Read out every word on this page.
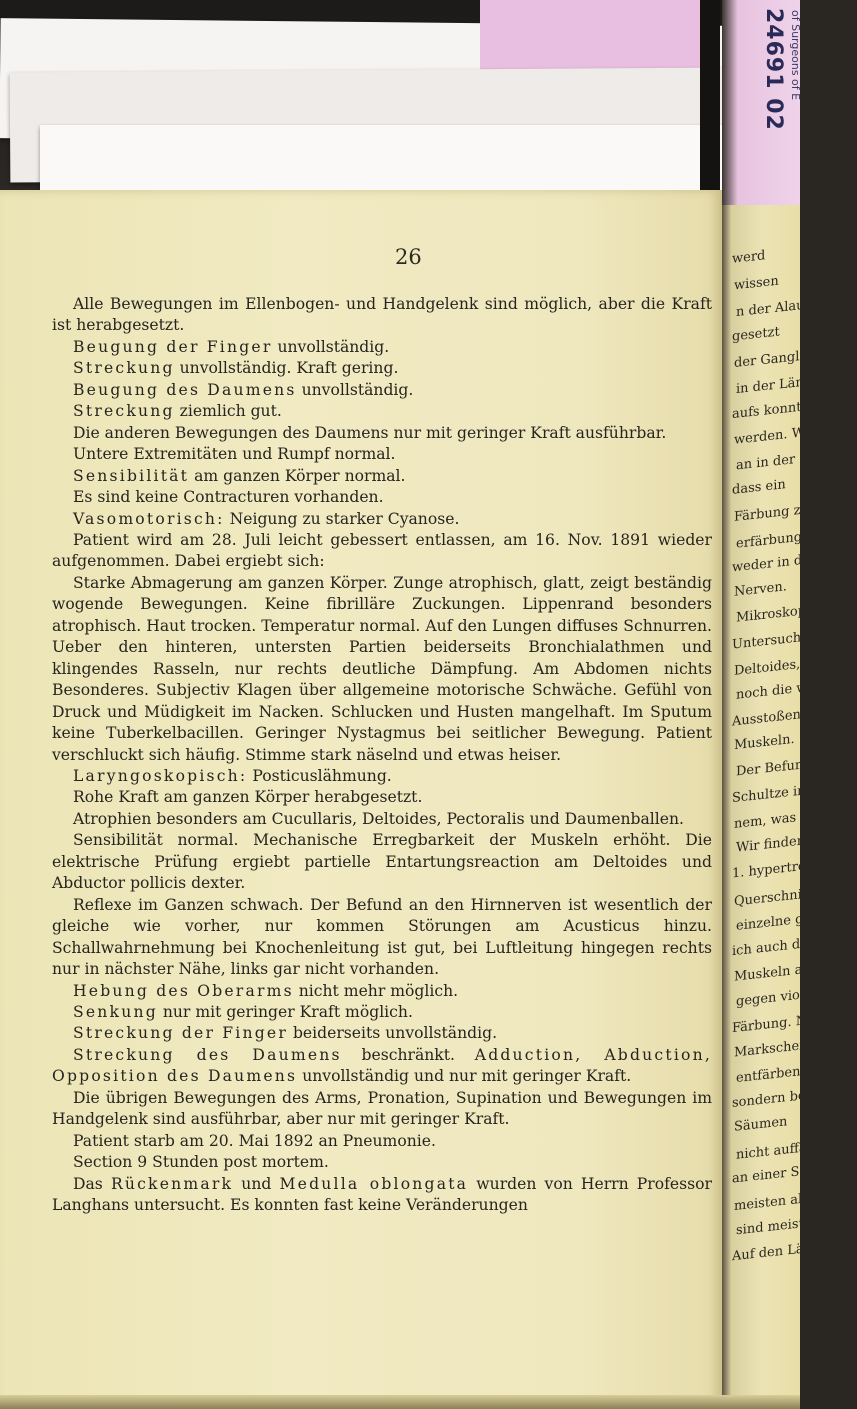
26

Alle Bewegungen im Ellenbogen- und Handgelenk sind möglich, aber die Kraft ist herabgesetzt.

Beugung der Finger unvollständig.

Streckung unvollständig. Kraft gering.

Beugung des Daumens unvollständig.

Streckung ziemlich gut.

Die anderen Bewegungen des Daumens nur mit geringer Kraft ausführbar.

Untere Extremitäten und Rumpf normal.

Sensibilität am ganzen Körper normal.

Es sind keine Contracturen vorhanden.

Vasomotorisch: Neigung zu starker Cyanose.

Patient wird am 28. Juli leicht gebessert entlassen, am 16. Nov. 1891 wieder aufgenommen. Dabei ergiebt sich:

Starke Abmagerung am ganzen Körper. Zunge atrophisch, glatt, zeigt beständig wogende Bewegungen. Keine fibrilläre Zuckungen. Lippenrand besonders atrophisch. Haut trocken. Temperatur normal. Auf den Lungen diffuses Schnurren. Ueber den hinteren, untersten Partien beiderseits Bronchialathmen und klingendes Rasseln, nur rechts deutliche Dämpfung. Am Abdomen nichts Besonderes. Subjectiv Klagen über allgemeine motorische Schwäche. Gefühl von Druck und Müdigkeit im Nacken. Schlucken und Husten mangelhaft. Im Sputum keine Tuberkelbacillen. Geringer Nystagmus bei seitlicher Bewegung. Patient verschluckt sich häufig. Stimme stark näselnd und etwas heiser.

Laryngoskopisch: Posticuslähmung.

Rohe Kraft am ganzen Körper herabgesetzt.

Atrophien besonders am Cucullaris, Deltoides, Pectoralis und Daumenballen.

Sensibilität normal. Mechanische Erregbarkeit der Muskeln erhöht. Die elektrische Prüfung ergiebt partielle Entartungsreaction am Deltoides und Abductor pollicis dexter.

Reflexe im Ganzen schwach. Der Befund an den Hirnnerven ist wesentlich der gleiche wie vorher, nur kommen Störungen am Acusticus hinzu. Schallwahrnehmung bei Knochenleitung ist gut, bei Luftleitung hingegen rechts nur in nächster Nähe, links gar nicht vorhanden.

Hebung des Oberarms nicht mehr möglich.

Senkung nur mit geringer Kraft möglich.

Streckung der Finger beiderseits unvollständig.

Streckung des Daumens beschränkt. Adduction, Abduction, Opposition des Daumens unvollständig und nur mit geringer Kraft.

Die übrigen Bewegungen des Arms, Pronation, Supination und Bewegungen im Handgelenk sind ausführbar, aber nur mit geringer Kraft.

Patient starb am 20. Mai 1892 an Pneumonie.

Section 9 Stunden post mortem.

Das Rückenmark und Medulla oblongata wurden von Herrn Professor Langhans untersucht. Es konnten fast keine Veränderungen

24691 02 of Surgeons of E
werd
wissen
n der Alaun
gesetzt
der Ganglie
in der Länd
aufs konnte
werden. W
an in der Hö
dass ein
Färbung zahlr
erfärbung von C
weder in der
Nerven.
Mikroskop
Untersucht h
Deltoides, Cucull
noch die w
Ausstoßens. Ich
Muskeln.
Der Befund s
Schultze in sei
nem, was Erb kü
Wir finden
1. hypertropl
Querschnitten, ein
einzelne gehen a
ich auch durch
Muskeln ab. Die
gegen violett
Färbung. Noch sc
Markscheide
entfärben sich
sondern be
Säumen
nicht auffällig
an einer S
meisten aber t
sind meister
Auf den Län
